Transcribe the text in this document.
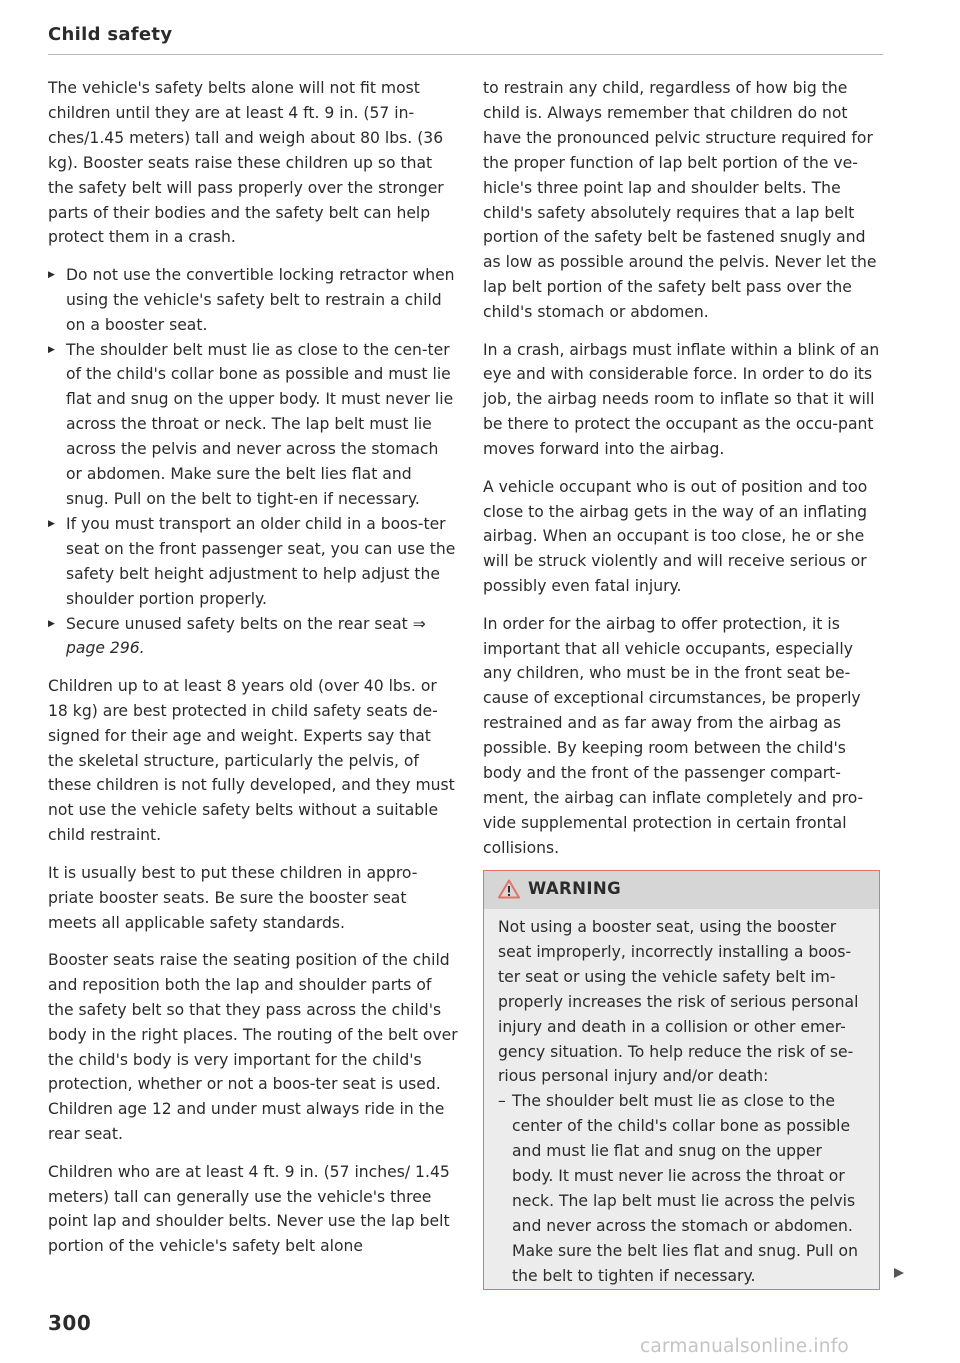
Child safety

The vehicle's safety belts alone will not fit most children until they are at least 4 ft. 9 in. (57 in-ches/1.45 meters) tall and weigh about 80 lbs. (36 kg). Booster seats raise these children up so that the safety belt will pass properly over the stronger parts of their bodies and the safety belt can help protect them in a crash.

▶ Do not use the convertible locking retractor when using the vehicle's safety belt to restrain a child on a booster seat.
▶ The shoulder belt must lie as close to the cen-ter of the child's collar bone as possible and must lie flat and snug on the upper body. It must never lie across the throat or neck. The lap belt must lie across the pelvis and never across the stomach or abdomen. Make sure the belt lies flat and snug. Pull on the belt to tight-en if necessary.
▶ If you must transport an older child in a boos-ter seat on the front passenger seat, you can use the safety belt height adjustment to help adjust the shoulder portion properly.
▶ Secure unused safety belts on the rear seat ⇒ page 296.

Children up to at least 8 years old (over 40 lbs. or 18 kg) are best protected in child safety seats de-signed for their age and weight. Experts say that the skeletal structure, particularly the pelvis, of these children is not fully developed, and they must not use the vehicle safety belts without a suitable child restraint.

It is usually best to put these children in appro-priate booster seats. Be sure the booster seat meets all applicable safety standards.

Booster seats raise the seating position of the child and reposition both the lap and shoulder parts of the safety belt so that they pass across the child's body in the right places. The routing of the belt over the child's body is very important for the child's protection, whether or not a boos-ter seat is used. Children age 12 and under must always ride in the rear seat.

Children who are at least 4 ft. 9 in. (57 inches/ 1.45 meters) tall can generally use the vehicle's three point lap and shoulder belts. Never use the lap belt portion of the vehicle's safety belt alone

to restrain any child, regardless of how big the child is. Always remember that children do not have the pronounced pelvic structure required for the proper function of lap belt portion of the ve-hicle's three point lap and shoulder belts. The child's safety absolutely requires that a lap belt portion of the safety belt be fastened snugly and as low as possible around the pelvis. Never let the lap belt portion of the safety belt pass over the child's stomach or abdomen.

In a crash, airbags must inflate within a blink of an eye and with considerable force. In order to do its job, the airbag needs room to inflate so that it will be there to protect the occupant as the occu-pant moves forward into the airbag.

A vehicle occupant who is out of position and too close to the airbag gets in the way of an inflating airbag. When an occupant is too close, he or she will be struck violently and will receive serious or possibly even fatal injury.

In order for the airbag to offer protection, it is important that all vehicle occupants, especially any children, who must be in the front seat be-cause of exceptional circumstances, be properly restrained and as far away from the airbag as possible. By keeping room between the child's body and the front of the passenger compart-ment, the airbag can inflate completely and pro-vide supplemental protection in certain frontal collisions.

WARNING

Not using a booster seat, using the booster seat improperly, incorrectly installing a boos-ter seat or using the vehicle safety belt im-properly increases the risk of serious personal injury and death in a collision or other emer-gency situation. To help reduce the risk of se-rious personal injury and/or death:

– The shoulder belt must lie as close to the center of the child's collar bone as possible and must lie flat and snug on the upper body. It must never lie across the throat or neck. The lap belt must lie across the pelvis and never across the stomach or abdomen. Make sure the belt lies flat and snug. Pull on the belt to tighten if necessary.
300
carmanualsonline.info
